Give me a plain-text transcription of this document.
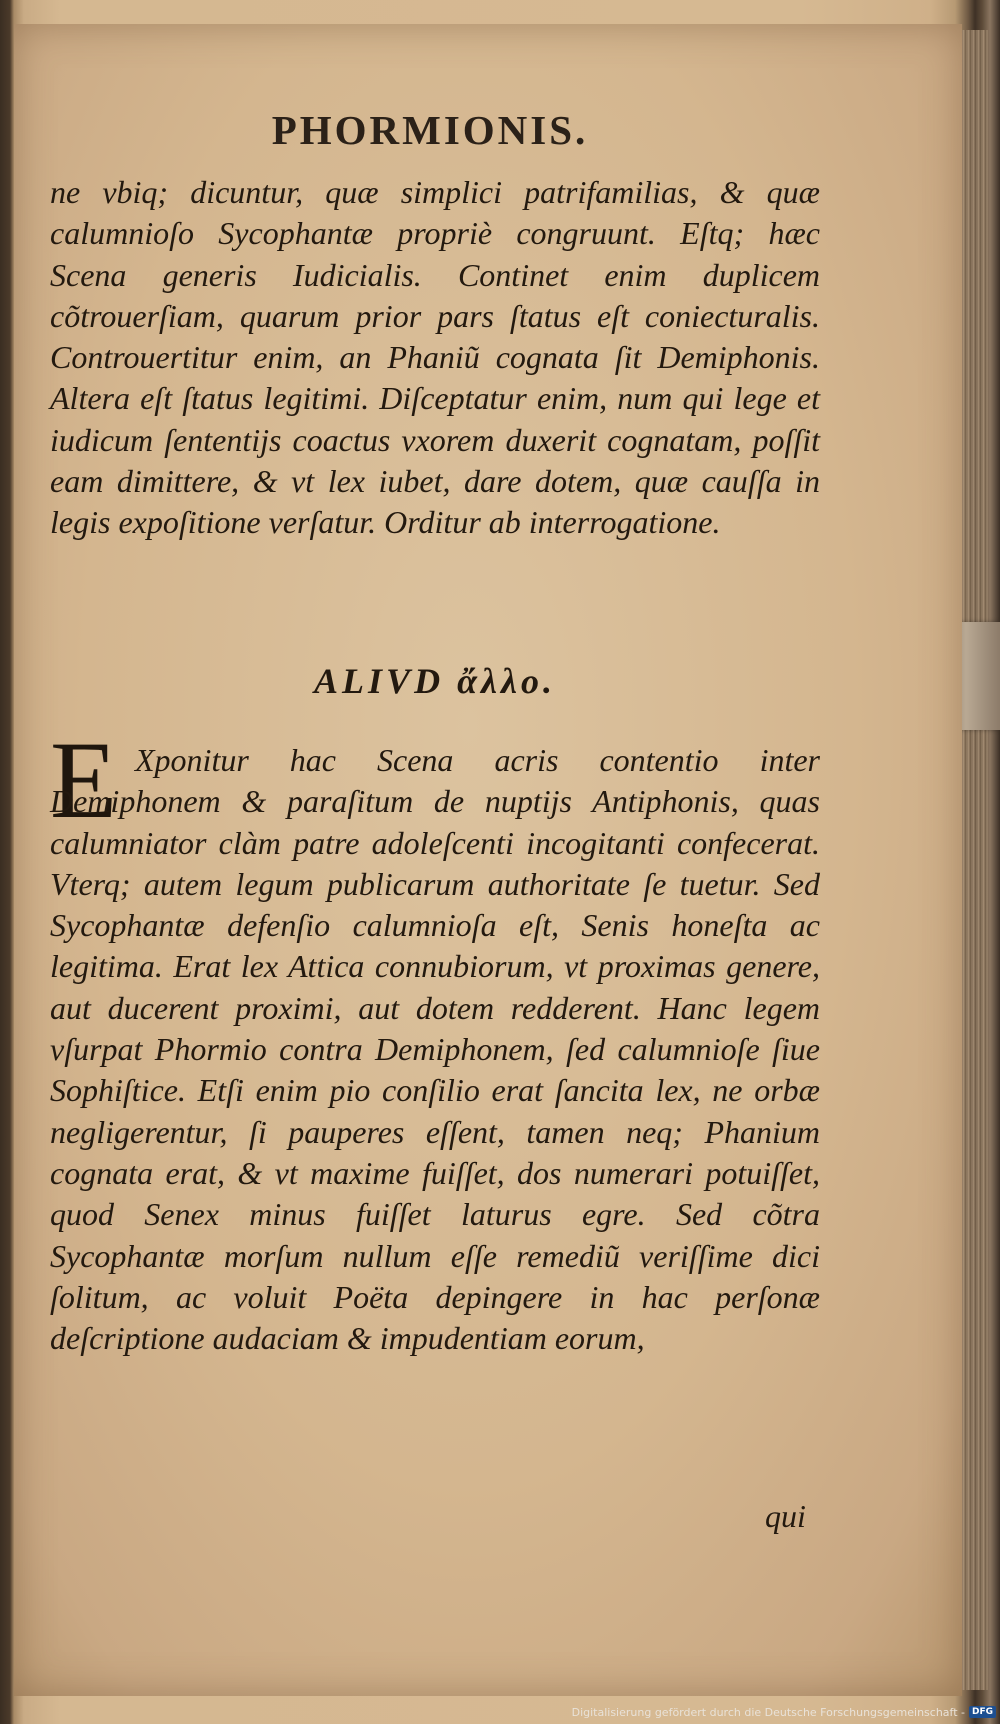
PHORMIONIS.

ne vbiq; dicuntur, quæ simplici patrifamilias, & quæ calumnioſo Sycophantæ propriè congruunt. Eſtq; hæc Scena generis Iudicialis. Continet enim duplicem cõtrouerſiam, quarum prior pars ſtatus eſt coniecturalis. Controuertitur enim, an Phaniũ cognata ſit Demiphonis. Altera eſt ſtatus legitimi. Diſceptatur enim, num qui lege et iudicum ſententijs coactus vxorem duxerit cognatam, poſſit eam dimittere, & vt lex iubet, dare dotem, quæ cauſſa in legis expoſitione verſatur. Orditur ab interrogatione.

ALIVD ἄλλο.
E Xponitur hac Scena acris contentio inter Demiphonem & paraſitum de nuptijs Antiphonis, quas calumniator clàm patre adoleſcenti incogitanti confecerat. Vterq; autem legum publicarum authoritate ſe tuetur. Sed Sycophantæ defenſio calumnioſa eſt, Senis honeſta ac legitima. Erat lex Attica connubiorum, vt proximas genere, aut ducerent proximi, aut dotem redderent. Hanc legem vſurpat Phormio contra Demiphonem, ſed calumnioſe ſiue Sophiſtice. Etſi enim pio conſilio erat ſancita lex, ne orbæ negligerentur, ſi pauperes eſſent, tamen neq; Phanium cognata erat, & vt maxime fuiſſet, dos numerari potuiſſet, quod Senex minus fuiſſet laturus egre. Sed cõtra Sycophantæ morſum nullum eſſe remediũ veriſſime dici ſolitum, ac voluit Poëta depingere in hac perſonæ deſcriptione audaciam & impudentiam eorum,

qui

Digitalisierung gefördert durch die Deutsche Forschungsgemeinschaft - DFG
